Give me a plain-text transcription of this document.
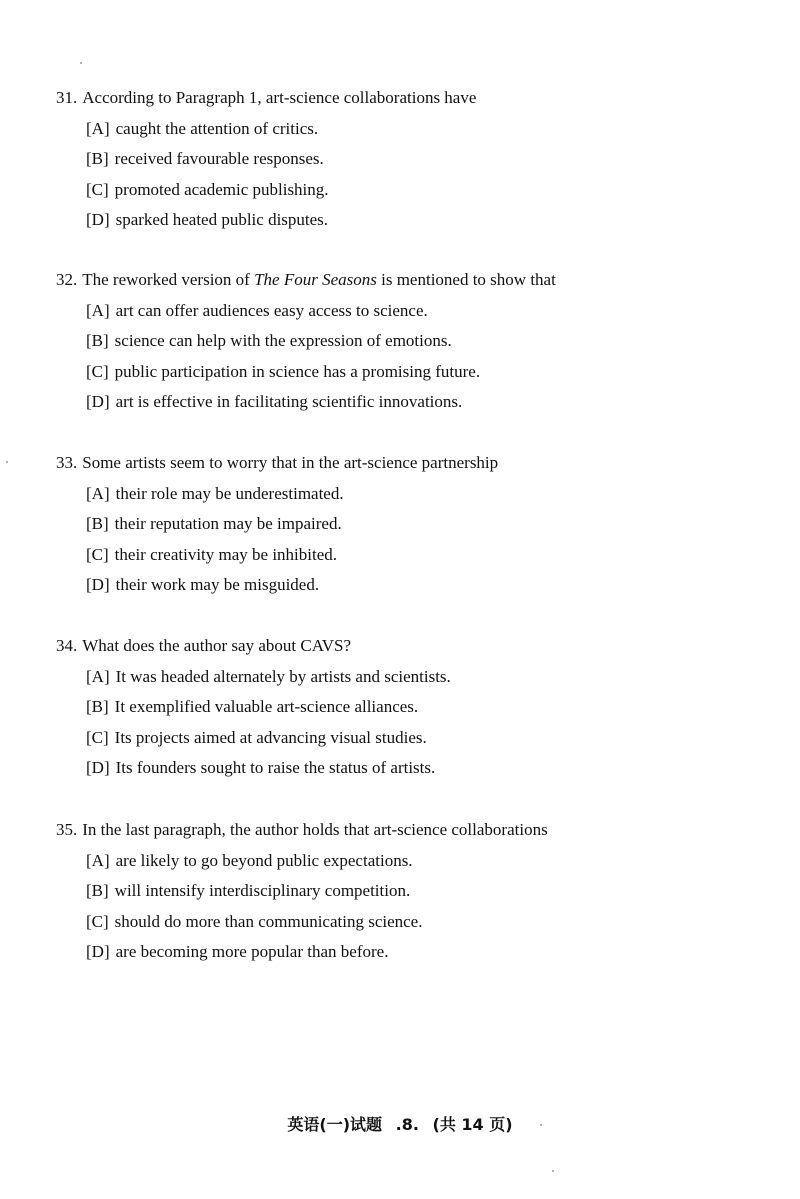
31. According to Paragraph 1, art-science collaborations have
[A] caught the attention of critics.
[B] received favourable responses.
[C] promoted academic publishing.
[D] sparked heated public disputes.
32. The reworked version of The Four Seasons is mentioned to show that
[A] art can offer audiences easy access to science.
[B] science can help with the expression of emotions.
[C] public participation in science has a promising future.
[D] art is effective in facilitating scientific innovations.
33. Some artists seem to worry that in the art-science partnership
[A] their role may be underestimated.
[B] their reputation may be impaired.
[C] their creativity may be inhibited.
[D] their work may be misguided.
34. What does the author say about CAVS?
[A] It was headed alternately by artists and scientists.
[B] It exemplified valuable art-science alliances.
[C] Its projects aimed at advancing visual studies.
[D] Its founders sought to raise the status of artists.
35. In the last paragraph, the author holds that art-science collaborations
[A] are likely to go beyond public expectations.
[B] will intensify interdisciplinary competition.
[C] should do more than communicating science.
[D] are becoming more popular than before.
英语(一)试题 .8. (共 14 页)
